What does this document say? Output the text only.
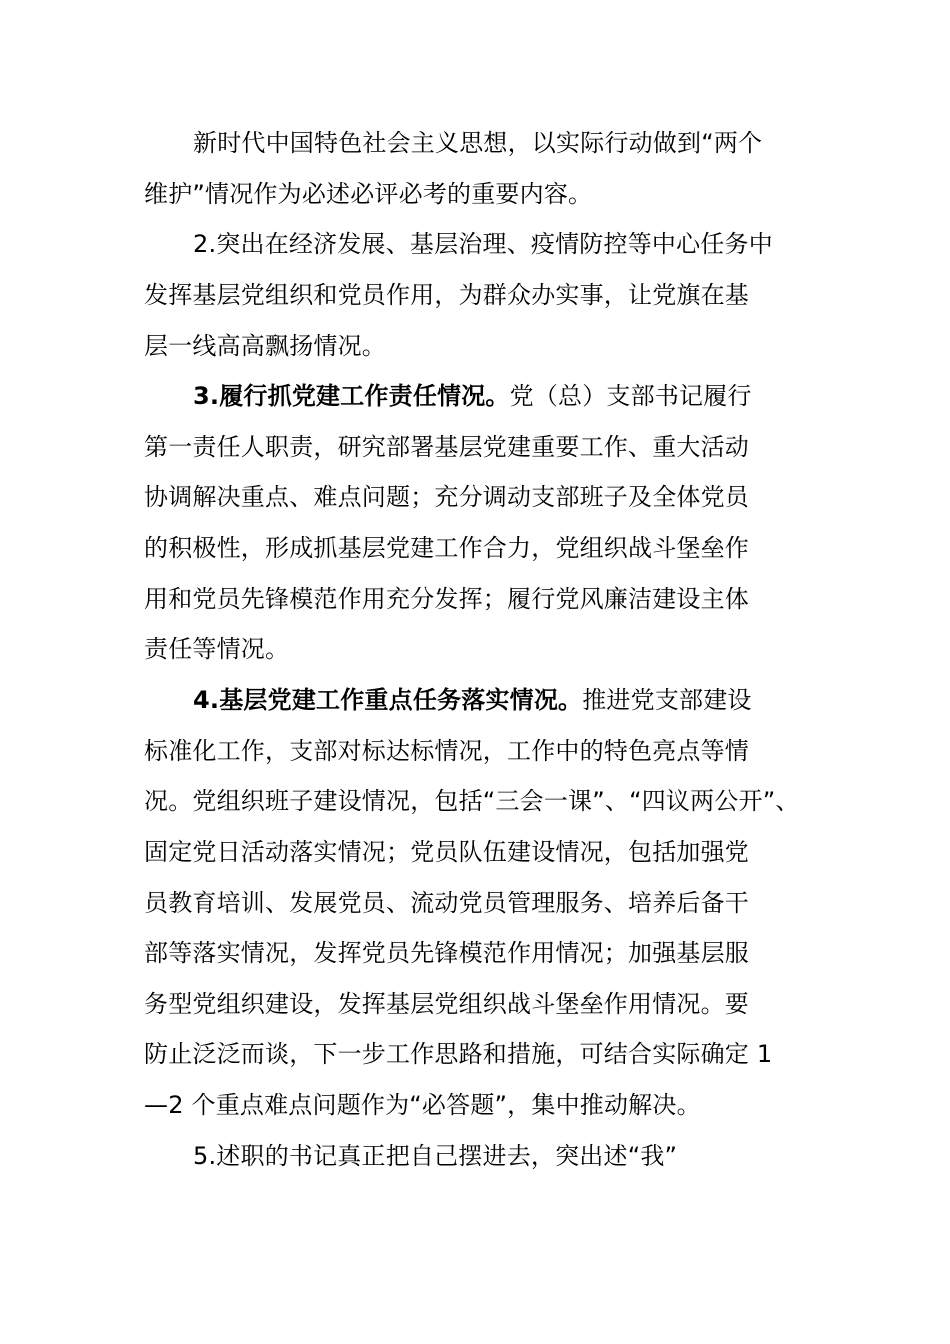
新时代中国特色社会主义思想，以实际行动做到“两个
维护”情况作为必述必评必考的重要内容。
2.突出在经济发展、基层治理、疫情防控等中心任务中
发挥基层党组织和党员作用，为群众办实事，让党旗在基
层一线高高飘扬情况。
3.履行抓党建工作责任情况。党（总）支部书记履行
第一责任人职责，研究部署基层党建重要工作、重大活动
协调解决重点、难点问题；充分调动支部班子及全体党员
的积极性，形成抓基层党建工作合力，党组织战斗堡垒作
用和党员先锋模范作用充分发挥；履行党风廉洁建设主体
责任等情况。
4.基层党建工作重点任务落实情况。推进党支部建设
标准化工作，支部对标达标情况，工作中的特色亮点等情
况。党组织班子建设情况，包括“三会一课”、“四议两公开”、
固定党日活动落实情况；党员队伍建设情况，包括加强党
员教育培训、发展党员、流动党员管理服务、培养后备干
部等落实情况，发挥党员先锋模范作用情况；加强基层服
务型党组织建设，发挥基层党组织战斗堡垒作用情况。要
防止泛泛而谈，下一步工作思路和措施，可结合实际确定 1
—2 个重点难点问题作为“必答题”，集中推动解决。
5.述职的书记真正把自己摆进去，突出述“我”
